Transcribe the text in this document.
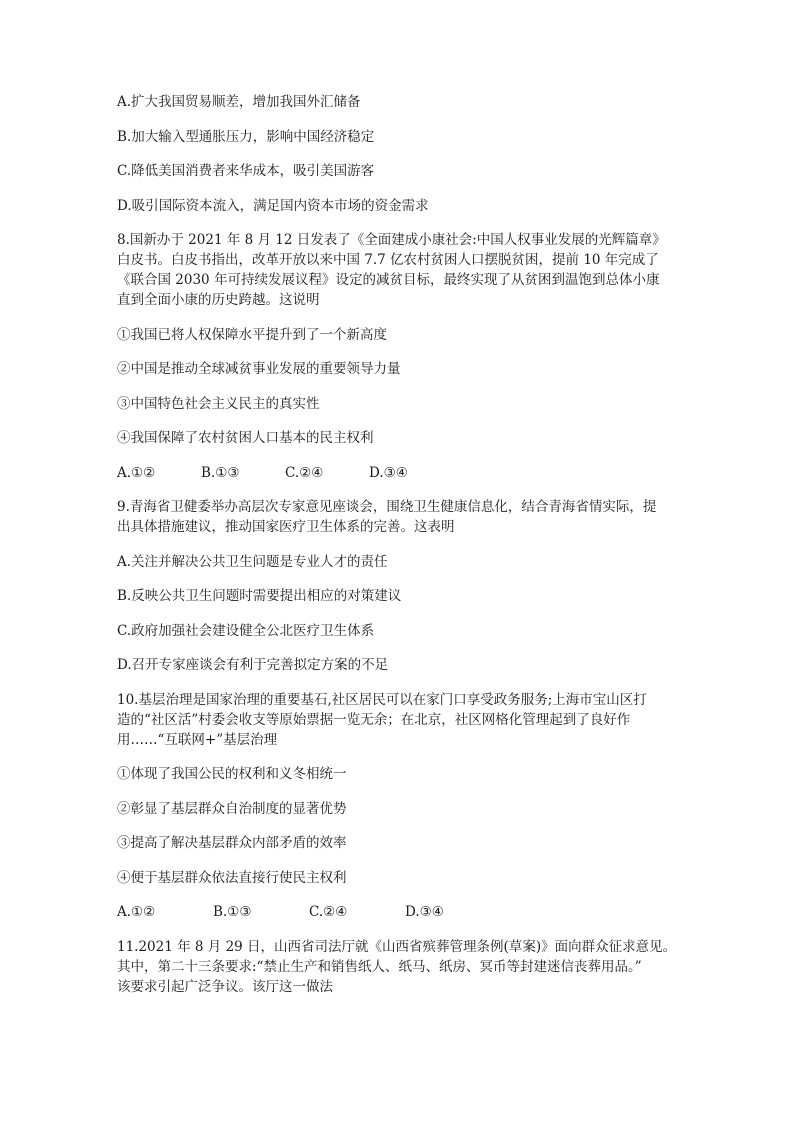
A.扩大我国贸易顺差，增加我国外汇储备

B.加大输入型通胀压力，影响中国经济稳定

C.降低美国消费者来华成本，吸引美国游客

D.吸引国际资本流入，满足国内资本市场的资金需求

8.国新办于 2021 年 8 月 12 日发表了《全面建成小康社会:中国人权事业发展的光辉篇章》
白皮书。白皮书指出，改革开放以来中国 7.7 亿农村贫困人口摆脱贫困，提前 10 年完成了
《联合国 2030 年可持续发展议程》设定的减贫目标，最终实现了从贫困到温饱到总体小康
直到全面小康的历史跨越。这说明

①我国已将人权保障水平提升到了一个新高度

②中国是推动全球减贫事业发展的重要领导力量

③中国特色社会主义民主的真实性

④我国保障了农村贫困人口基本的民主权利

A.①②	B.①③	C.②④	D.③④
9.青海省卫健委举办高层次专家意见座谈会，围绕卫生健康信息化，结合青海省情实际，提
出具体措施建议，推动国家医疗卫生体系的完善。这表明

A.关注并解决公共卫生问题是专业人才的责任

B.反映公共卫生问题时需要提出相应的对策建议

C.政府加强社会建设健全公北医疗卫生体系

D.召开专家座谈会有利于完善拟定方案的不足

10.基层治理是国家治理的重要基石,社区居民可以在家门口享受政务服务;上海市宝山区打
造的“社区活”村委会收支等原始票据一览无余；在北京，社区网格化管理起到了良好作
用……“互联网+”基层治理

①体现了我国公民的权利和义冬相统一

②彰显了基层群众自治制度的显著优势

③提高了解决基层群众内部矛盾的效率

④便于基层群众依法直接行使民主权利

A.①②	B.①③	C.②④	D.③④
11.2021 年 8 月 29 日，山西省司法厅就《山西省殡葬管理条例(草案)》面向群众征求意见。
其中，第二十三条要求:“禁止生产和销售纸人、纸马、纸房、冥币等封建迷信丧葬用品。”
该要求引起广泛争议。该厅这一做法
